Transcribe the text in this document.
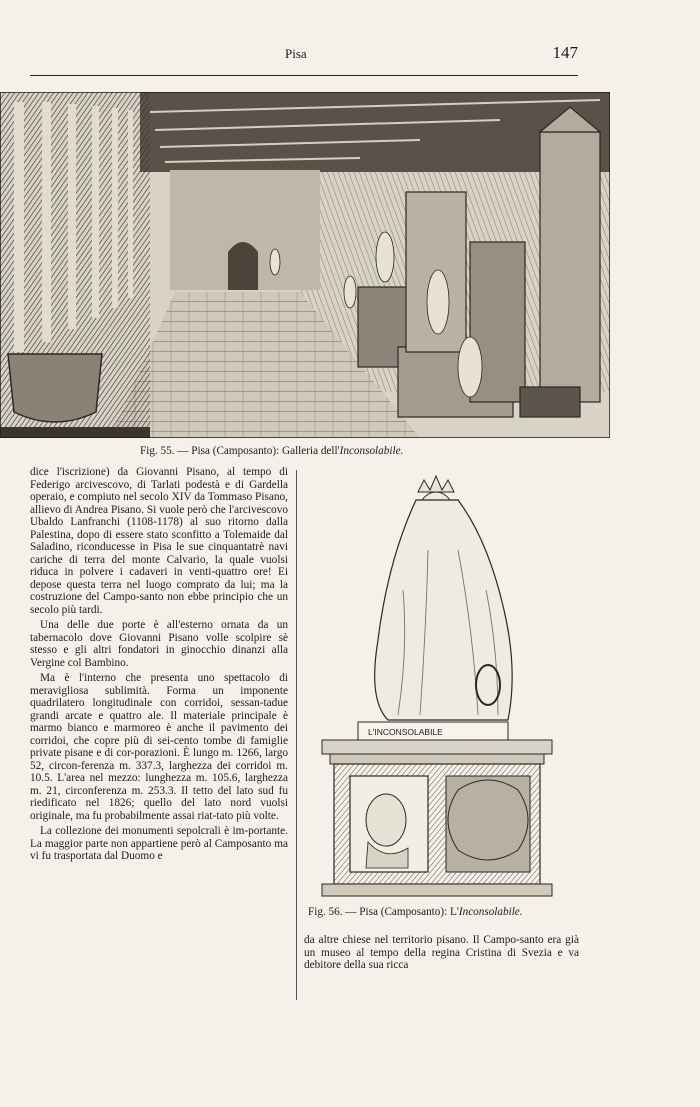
Pisa	147
Fig. 55. — Pisa (Camposanto): Galleria dell'Inconsolabile.

dice l'iscrizione) da Giovanni Pisano, al tempo di Federigo arcivescovo, di Tarlati podestà e di Gardella operaio, e compiuto nel secolo XIV da Tommaso Pisano, allievo di Andrea Pisano. Si vuole però che l'arcivescovo Ubaldo Lanfranchi (1108-1178) al suo ritorno dalla Palestina, dopo di essere stato sconfitto a Tolemaide dal Saladino, riconducesse in Pisa le sue cinquantatrè navi cariche di terra del monte Calvario, la quale vuolsi riduca in polvere i cadaveri in venti-quattro ore! Ei depose questa terra nel luogo comprato da lui; ma la costruzione del Campo-santo non ebbe principio che un secolo più tardi.

Una delle due porte è all'esterno ornata da un tabernacolo dove Giovanni Pisano volle scolpire sè stesso e gli altri fondatori in ginocchio dinanzi alla Vergine col Bambino.

Ma è l'interno che presenta uno spettacolo di meravigliosa sublimità. Forma un imponente quadrilatero longitudinale con corridoi, sessan-tadue grandi arcate e quattro ale. Il materiale principale è marmo bianco e marmoreo è anche il pavimento dei corridoi, che copre più di sei-cento tombe di famiglie private pisane e di cor-porazioni. È lungo m. 1266, largo 52, circon-ferenza m. 337.3, larghezza dei corridoi m. 10.5. L'area nel mezzo: lunghezza m. 105.6, larghezza m. 21, circonferenza m. 253.3. Il tetto del lato sud fu riedificato nel 1826; quello del lato nord vuolsi originale, ma fu probabilmente assai riat-tato più volte.

La collezione dei monumenti sepolcrali è im-portante. La maggior parte non appartiene però al Camposanto ma vi fu trasportata dal Duomo e

L'INCONSOLABILE
Fig. 56. — Pisa (Camposanto): L'Inconsolabile.

da altre chiese nel territorio pisano. Il Campo-santo era già un museo al tempo della regina Cristina di Svezia e va debitore della sua ricca
